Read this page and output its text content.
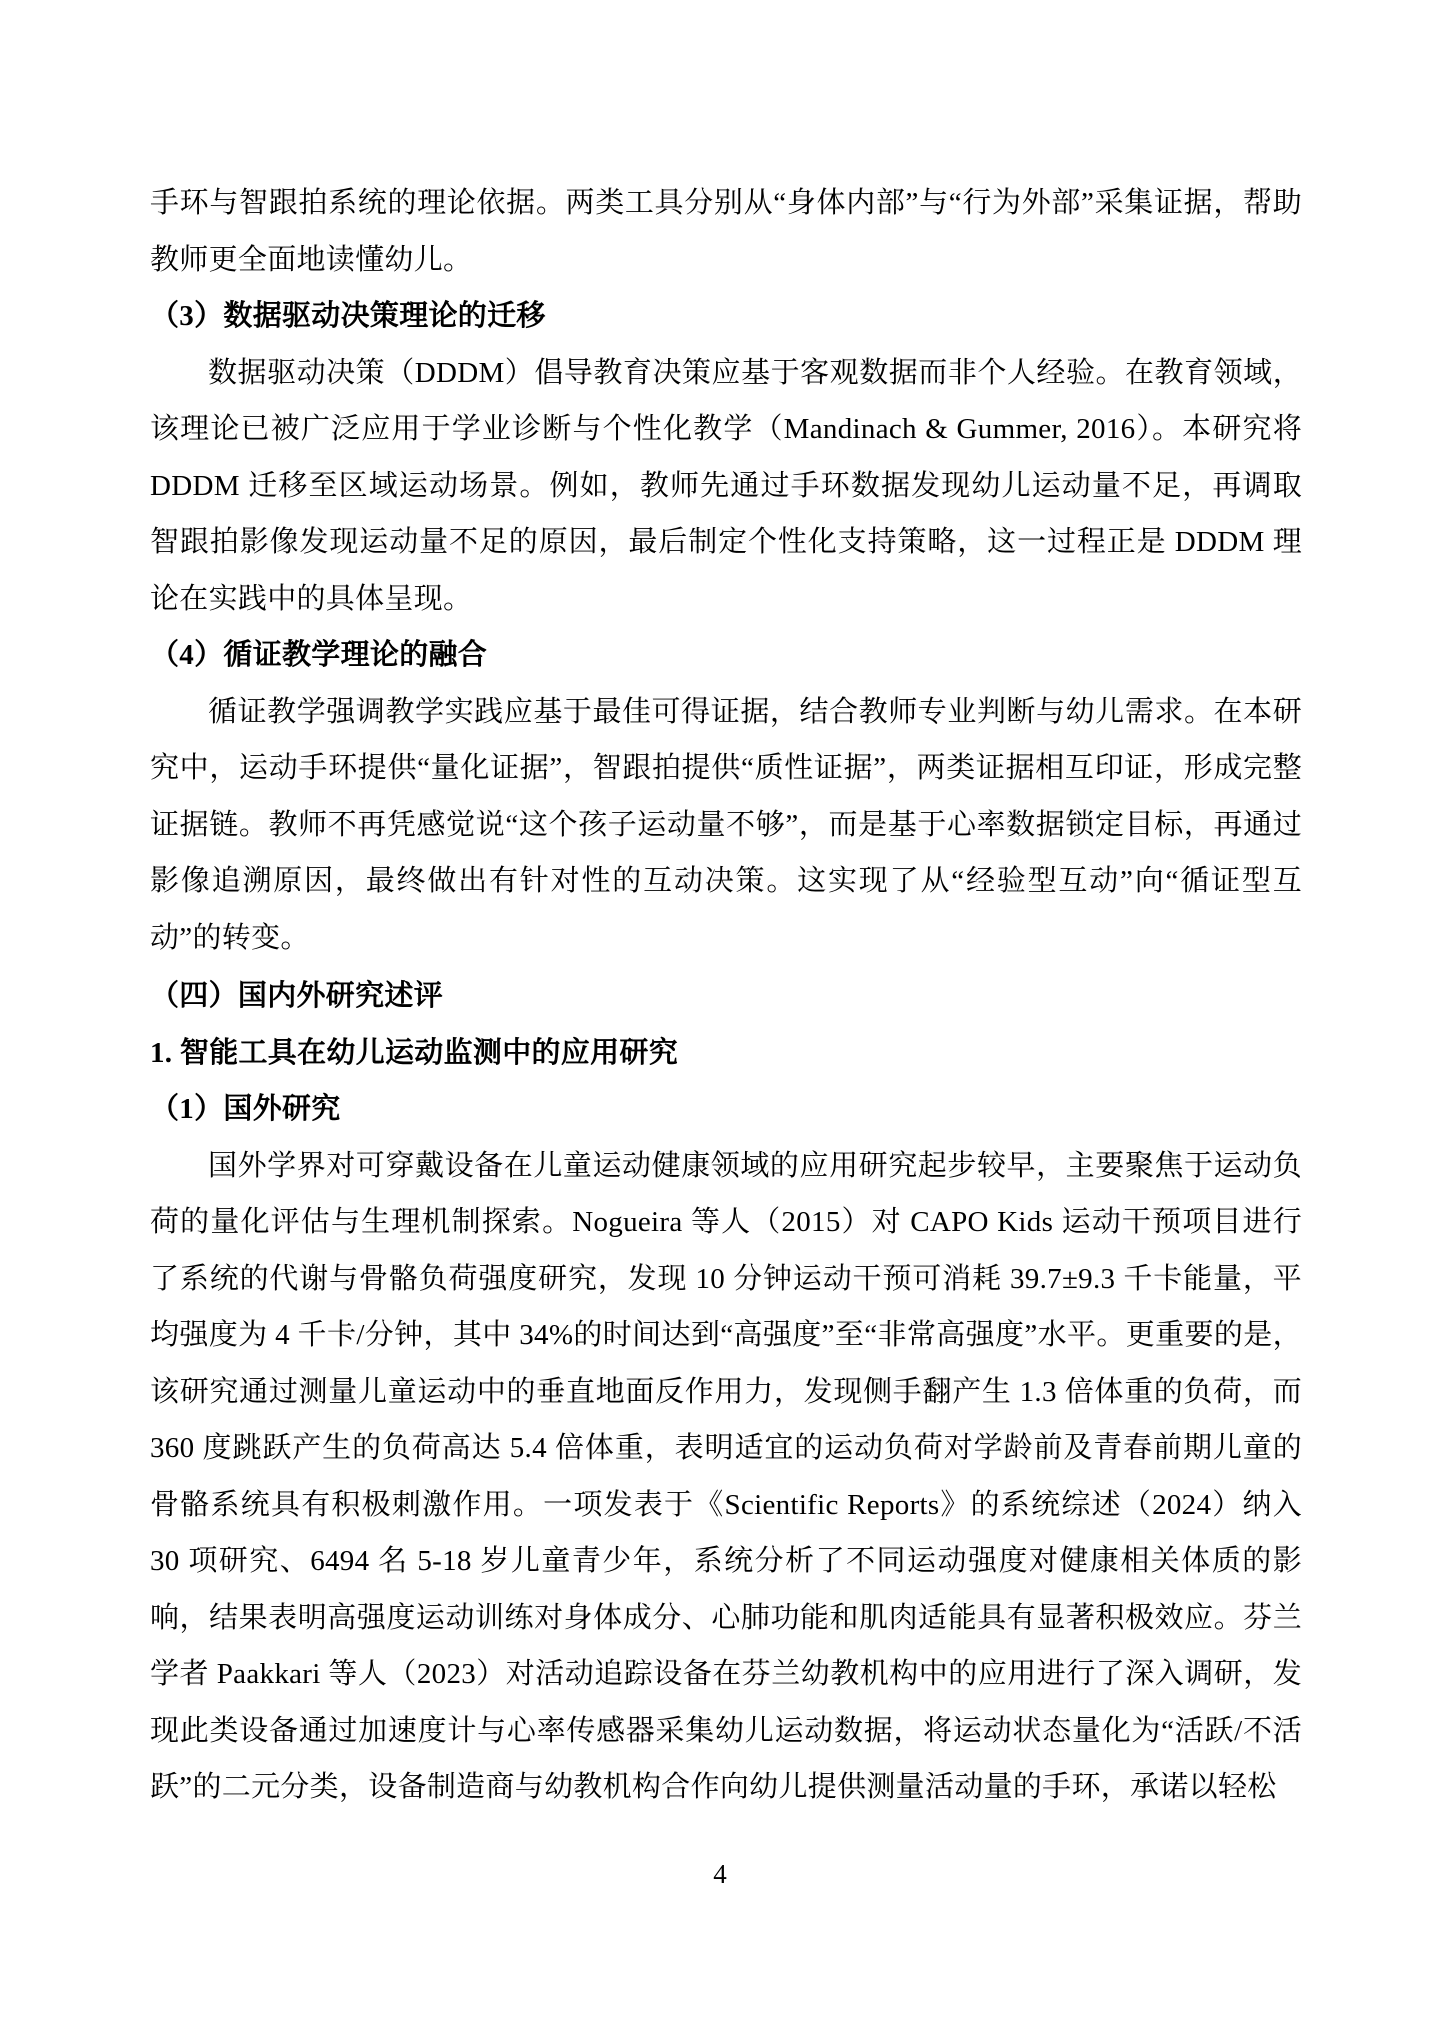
手环与智跟拍系统的理论依据。两类工具分别从“身体内部”与“行为外部”采集证据，帮助教师更全面地读懂幼儿。

（3）数据驱动决策理论的迁移

数据驱动决策（DDDM）倡导教育决策应基于客观数据而非个人经验。在教育领域，该理论已被广泛应用于学业诊断与个性化教学（Mandinach & Gummer, 2016）。本研究将 DDDM 迁移至区域运动场景。例如，教师先通过手环数据发现幼儿运动量不足，再调取智跟拍影像发现运动量不足的原因，最后制定个性化支持策略，这一过程正是 DDDM 理论在实践中的具体呈现。

（4）循证教学理论的融合

循证教学强调教学实践应基于最佳可得证据，结合教师专业判断与幼儿需求。在本研究中，运动手环提供“量化证据”，智跟拍提供“质性证据”，两类证据相互印证，形成完整证据链。教师不再凭感觉说“这个孩子运动量不够”，而是基于心率数据锁定目标，再通过影像追溯原因，最终做出有针对性的互动决策。这实现了从“经验型互动”向“循证型互动”的转变。

（四）国内外研究述评
1. 智能工具在幼儿运动监测中的应用研究
（1）国外研究

国外学界对可穿戴设备在儿童运动健康领域的应用研究起步较早，主要聚焦于运动负荷的量化评估与生理机制探索。Nogueira 等人（2015）对 CAPO Kids 运动干预项目进行了系统的代谢与骨骼负荷强度研究，发现 10 分钟运动干预可消耗 39.7±9.3 千卡能量，平均强度为 4 千卡/分钟，其中 34%的时间达到“高强度”至“非常高强度”水平。更重要的是，该研究通过测量儿童运动中的垂直地面反作用力，发现侧手翻产生 1.3 倍体重的负荷，而 360 度跳跃产生的负荷高达 5.4 倍体重，表明适宜的运动负荷对学龄前及青春前期儿童的骨骼系统具有积极刺激作用。一项发表于《Scientific Reports》的系统综述（2024）纳入 30 项研究、6494 名 5-18 岁儿童青少年，系统分析了不同运动强度对健康相关体质的影响，结果表明高强度运动训练对身体成分、心肺功能和肌肉适能具有显著积极效应。芬兰学者 Paakkari 等人（2023）对活动追踪设备在芬兰幼教机构中的应用进行了深入调研，发现此类设备通过加速度计与心率传感器采集幼儿运动数据，将运动状态量化为“活跃/不活跃”的二元分类，设备制造商与幼教机构合作向幼儿提供测量活动量的手环，承诺以轻松

4
